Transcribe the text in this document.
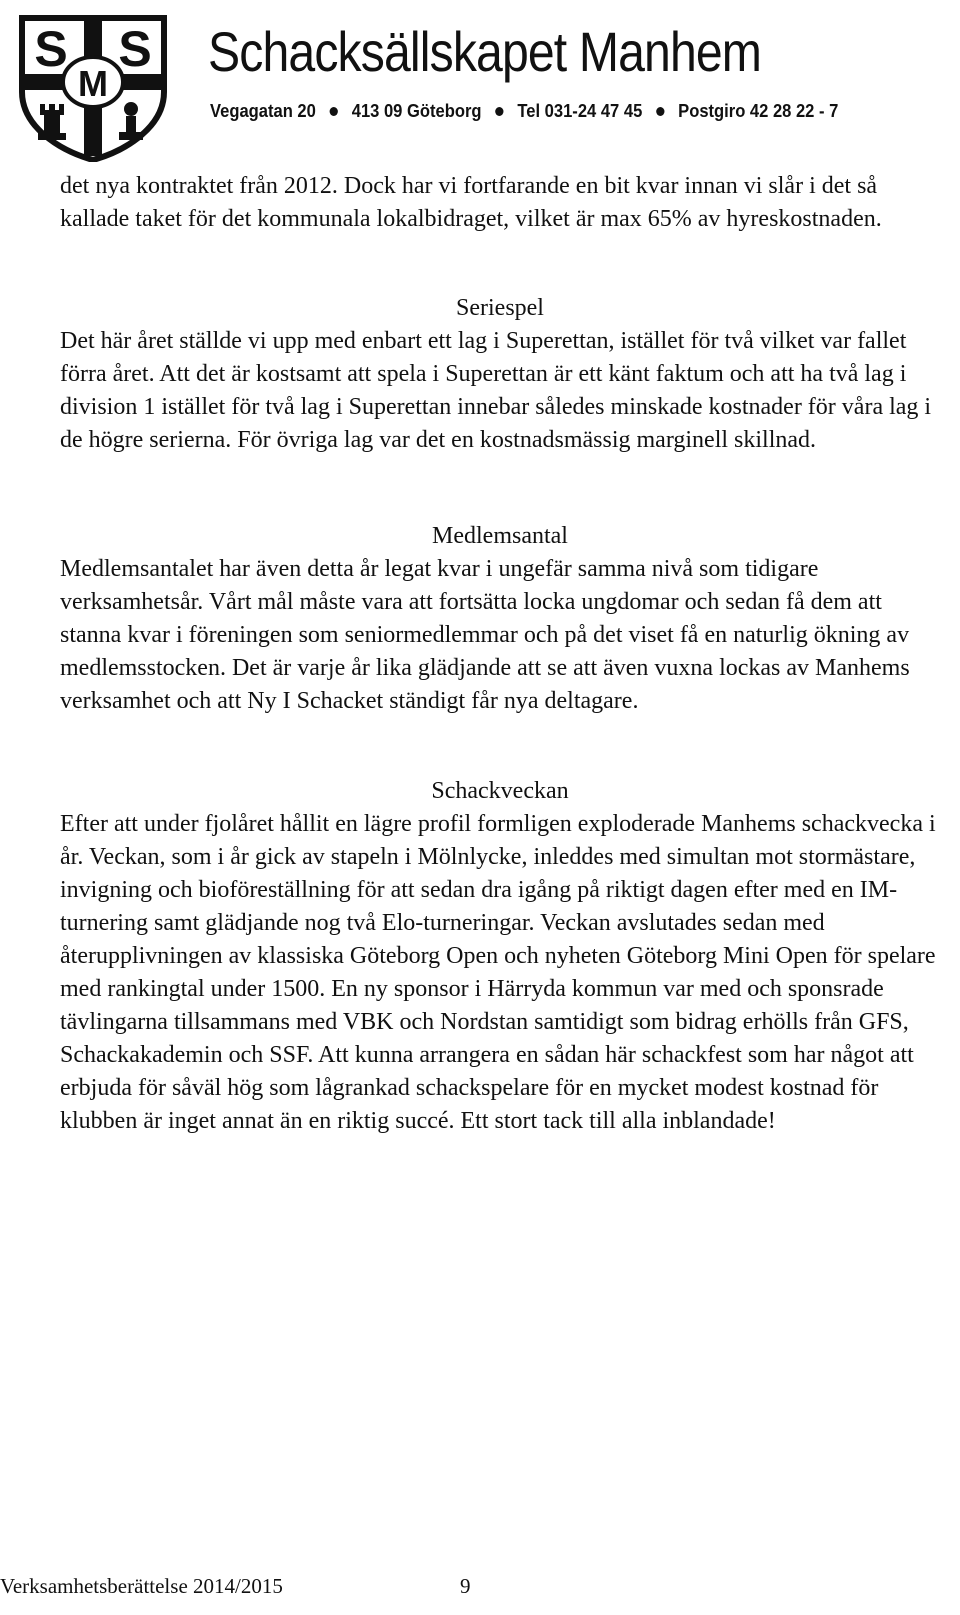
S
M
S Schacksällskapet Manhem
Vegagatan 20 413 09 Göteborg Tel 031-24 47 45 Postgiro 42 28 22 - 7

det nya kontraktet från 2012. Dock har vi fortfarande en bit kvar innan vi slår i det så kallade taket för det kommunala lokalbidraget, vilket är max 65% av hyreskostnaden.

Seriespel

Det här året ställde vi upp med enbart ett lag i Superettan, istället för två vilket var fallet förra året. Att det är kostsamt att spela i Superettan är ett känt faktum och att ha två lag i division 1 istället för två lag i Superettan innebar således minskade kostnader för våra lag i de högre serierna. För övriga lag var det en kostnadsmässig marginell skillnad.

Medlemsantal

Medlemsantalet har även detta år legat kvar i ungefär samma nivå som tidigare verksamhetsår. Vårt mål måste vara att fortsätta locka ungdomar och sedan få dem att stanna kvar i föreningen som seniormedlemmar och på det viset få en naturlig ökning av medlemsstocken. Det är varje år lika glädjande att se att även vuxna lockas av Manhems verksamhet och att Ny I Schacket ständigt får nya deltagare.

Schackveckan

Efter att under fjolåret hållit en lägre profil formligen exploderade Manhems schackvecka i år. Veckan, som i år gick av stapeln i Mölnlycke, inleddes med simultan mot stormästare, invigning och bioföreställning för att sedan dra igång på riktigt dagen efter med en IM-turnering samt glädjande nog två Elo-turneringar. Veckan avslutades sedan med återupplivningen av klassiska Göteborg Open och nyheten Göteborg Mini Open för spelare med rankingtal under 1500. En ny sponsor i Härryda kommun var med och sponsrade tävlingarna tillsammans med VBK och Nordstan samtidigt som bidrag erhölls från GFS, Schackakademin och SSF. Att kunna arrangera en sådan här schackfest som har något att erbjuda för såväl hög som lågrankad schackspelare för en mycket modest kostnad för klubben är inget annat än en riktig succé. Ett stort tack till alla inblandade!

Verksamhetsberättelse 2014/2015	9
